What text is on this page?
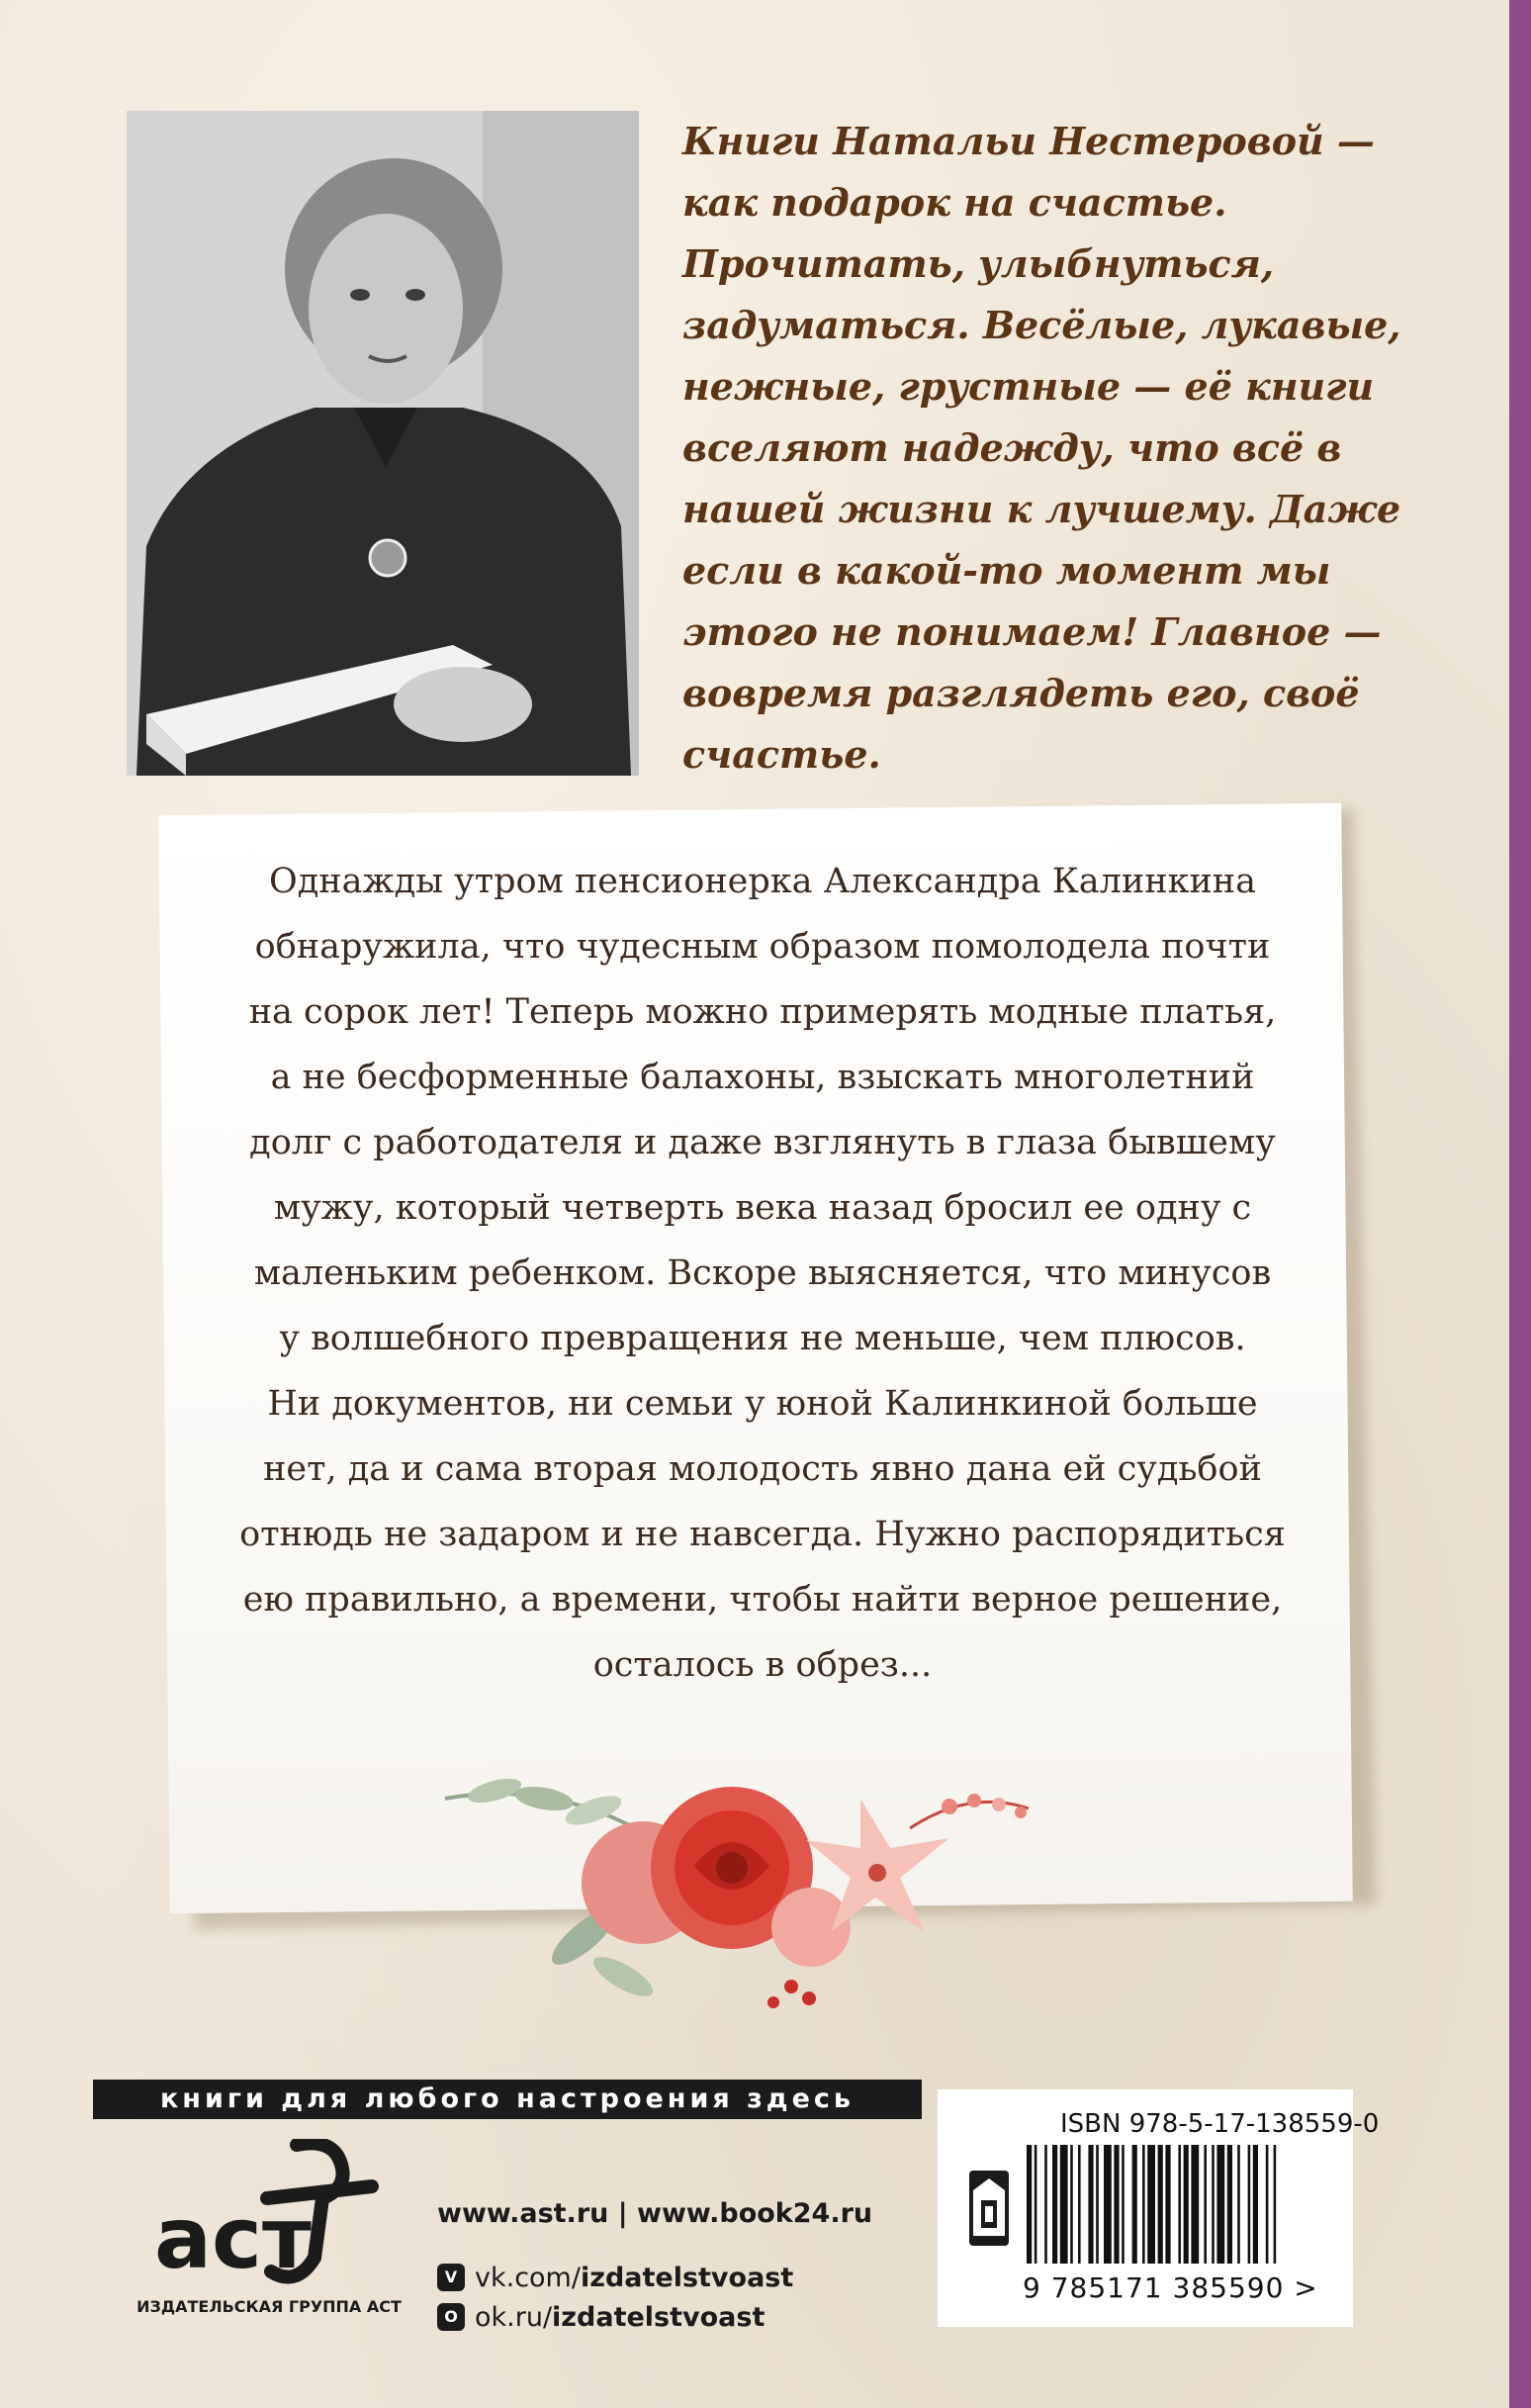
Книги Натальи Нестеровой —
как подарок на счастье.
Прочитать, улыбнуться,
задуматься. Весёлые, лукавые,
нежные, грустные — её книги
вселяют надежду, что всё в
нашей жизни к лучшему. Даже
если в какой-то момент мы
этого не понимаем! Главное —
вовремя разглядеть его, своё
счастье.
Однажды утром пенсионерка Александра Калинкина
обнаружила, что чудесным образом помолодела почти
на сорок лет! Теперь можно примерять модные платья,
а не бесформенные балахоны, взыскать многолетний
долг с работодателя и даже взглянуть в глаза бывшему
мужу, который четверть века назад бросил ее одну с
маленьким ребенком. Вскоре выясняется, что минусов
у волшебного превращения не меньше, чем плюсов.
Ни документов, ни семьи у юной Калинкиной больше
нет, да и сама вторая молодость явно дана ей судьбой
отнюдь не задаром и не навсегда. Нужно распорядиться
ею правильно, а времени, чтобы найти верное решение,
осталось в обрез...
книги для любого настроения здесь
аст
ИЗДАТЕЛЬСКАЯ ГРУППА АСТ
www.ast.ru | www.book24.ru
V vk.com/ izdatelstvoast
O ok.ru/ izdatelstvoast
ISBN 978-5-17-138559-0
9 785171 385590 >
